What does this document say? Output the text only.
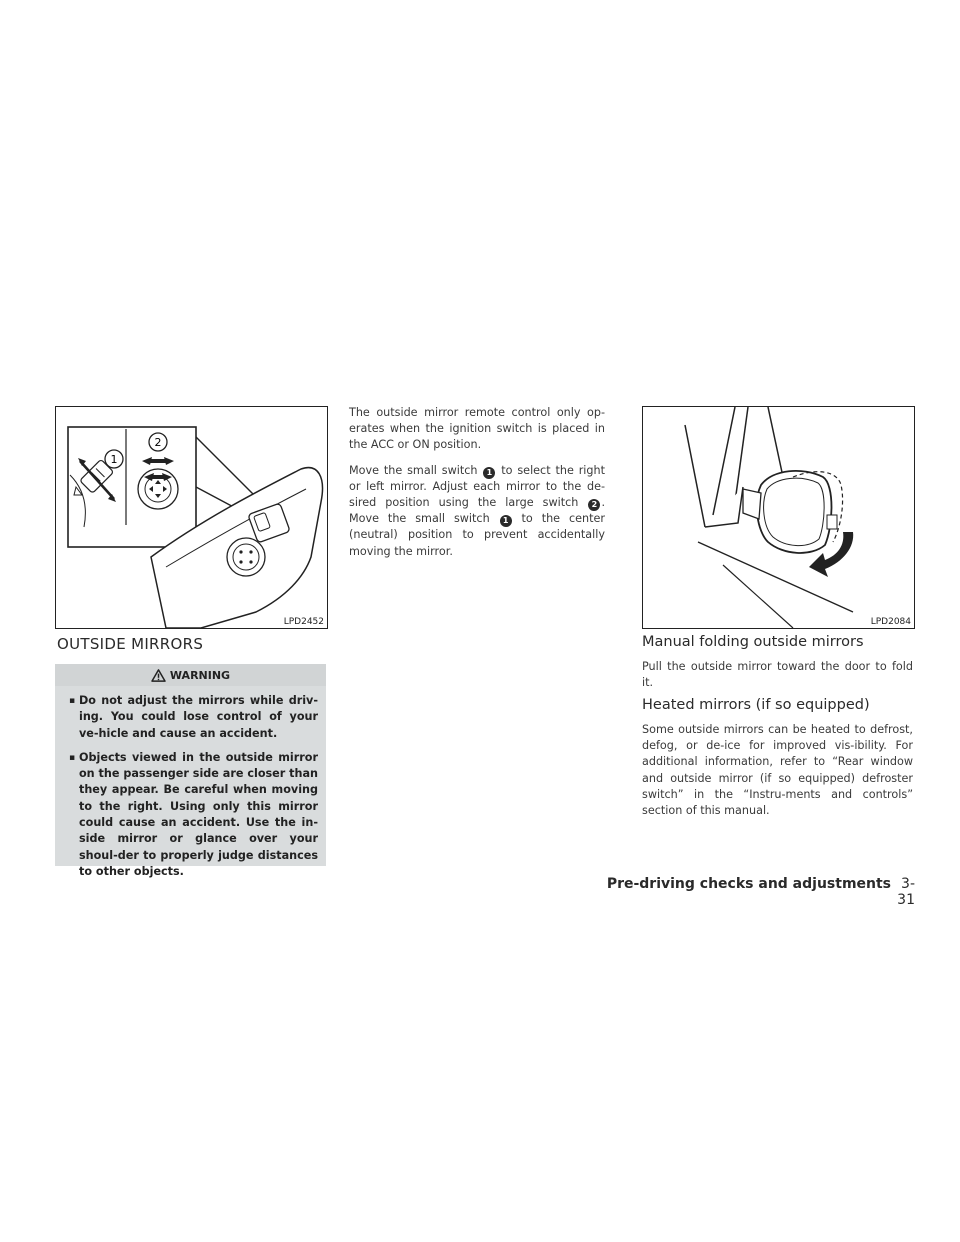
1
2
LPD2452
OUTSIDE MIRRORS
WARNING
▪ Do not adjust the mirrors while driv-ing. You could lose control of your ve-hicle and cause an accident.
▪ Objects viewed in the outside mirror on the passenger side are closer than they appear. Be careful when moving to the right. Using only this mirror could cause an accident. Use the in-side mirror or glance over your shoul-der to properly judge distances to other objects.

The outside mirror remote control only op-erates when the ignition switch is placed in the ACC or ON position.

Move the small switch 1 to select the right or left mirror. Adjust each mirror to the de-sired position using the large switch 2 . Move the small switch 1 to the center (neutral) position to prevent accidentally moving the mirror.

LPD2084
Manual folding outside mirrors

Pull the outside mirror toward the door to fold it.

Heated mirrors (if so equipped)

Some outside mirrors can be heated to defrost, defog, or de-ice for improved vis-ibility. For additional information, refer to “Rear window and outside mirror (if so equipped) defroster switch” in the “Instru-ments and controls” section of this manual.

Pre-driving checks and adjustments 3-31
